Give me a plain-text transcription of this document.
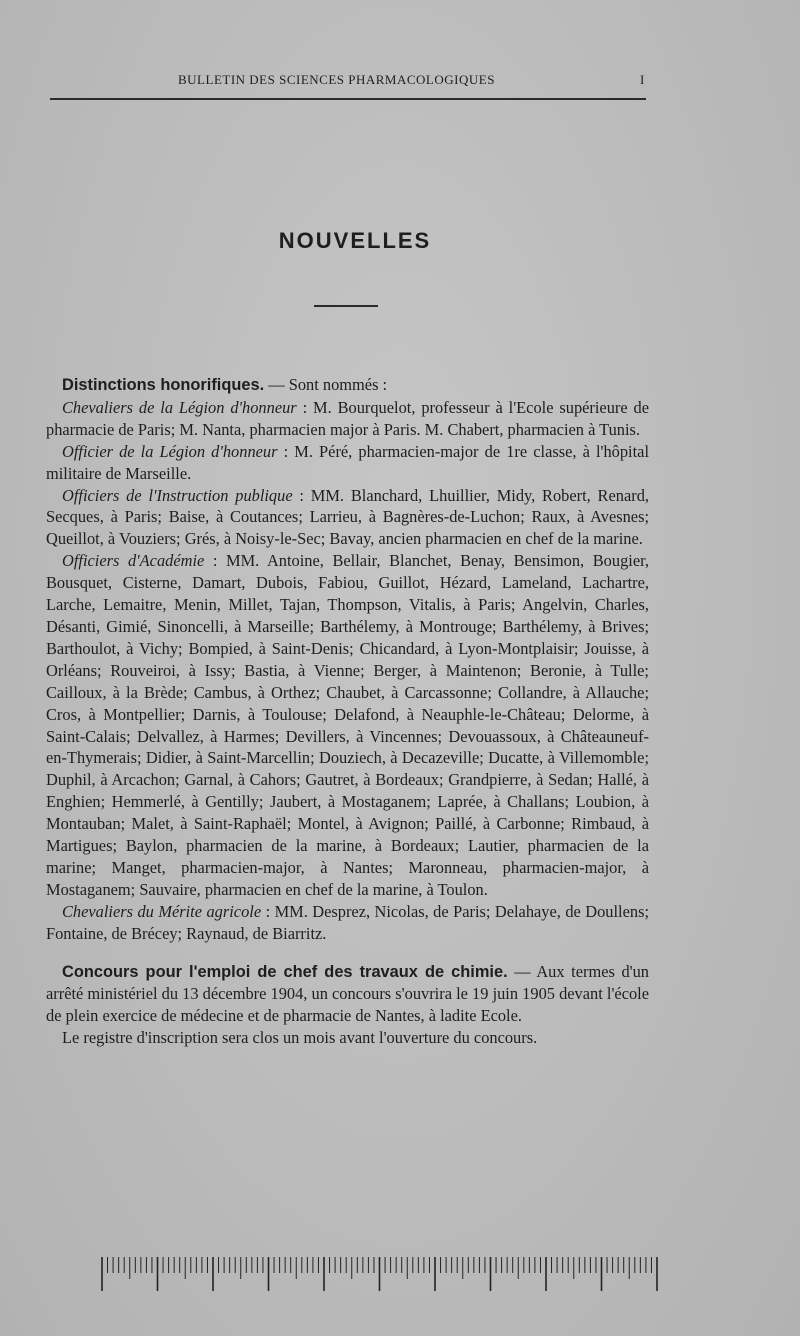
BULLETIN DES SCIENCES PHARMACOLOGIQUES	I
NOUVELLES

Distinctions honorifiques. — Sont nommés :

Chevaliers de la Légion d'honneur : M. Bourquelot, professeur à l'Ecole supérieure de pharmacie de Paris; M. Nanta, pharmacien major à Paris. M. Chabert, pharmacien à Tunis.

Officier de la Légion d'honneur : M. Péré, pharmacien-major de 1re classe, à l'hôpital militaire de Marseille.

Officiers de l'Instruction publique : MM. Blanchard, Lhuillier, Midy, Robert, Renard, Secques, à Paris; Baise, à Coutances; Larrieu, à Bagnères-de-Luchon; Raux, à Avesnes; Queillot, à Vouziers; Grés, à Noisy-le-Sec; Bavay, ancien pharmacien en chef de la marine.

Officiers d'Académie : MM. Antoine, Bellair, Blanchet, Benay, Bensimon, Bougier, Bousquet, Cisterne, Damart, Dubois, Fabiou, Guillot, Hézard, Lameland, Lachartre, Larche, Lemaitre, Menin, Millet, Tajan, Thompson, Vitalis, à Paris; Angelvin, Charles, Désanti, Gimié, Sinoncelli, à Marseille; Barthélemy, à Montrouge; Barthélemy, à Brives; Barthoulot, à Vichy; Bompied, à Saint-Denis; Chicandard, à Lyon-Montplaisir; Jouisse, à Orléans; Rouveiroi, à Issy; Bastia, à Vienne; Berger, à Maintenon; Beronie, à Tulle; Cailloux, à la Brède; Cambus, à Orthez; Chaubet, à Carcassonne; Collandre, à Allauche; Cros, à Montpellier; Darnis, à Toulouse; Delafond, à Neauphle-le-Château; Delorme, à Saint-Calais; Delvallez, à Harmes; Devillers, à Vincennes; Devouassoux, à Châteauneuf-en-Thymerais; Didier, à Saint-Marcellin; Douziech, à Decazeville; Ducatte, à Villemomble; Duphil, à Arcachon; Garnal, à Cahors; Gautret, à Bordeaux; Grandpierre, à Sedan; Hallé, à Enghien; Hemmerlé, à Gentilly; Jaubert, à Mostaganem; Laprée, à Challans; Loubion, à Montauban; Malet, à Saint-Raphaël; Montel, à Avignon; Paillé, à Carbonne; Rimbaud, à Martigues; Baylon, pharmacien de la marine, à Bordeaux; Lautier, pharmacien de la marine; Manget, pharmacien-major, à Nantes; Maronneau, pharmacien-major, à Mostaganem; Sauvaire, pharmacien en chef de la marine, à Toulon.

Chevaliers du Mérite agricole : MM. Desprez, Nicolas, de Paris; Delahaye, de Doullens; Fontaine, de Brécey; Raynaud, de Biarritz.

Concours pour l'emploi de chef des travaux de chimie. — Aux termes d'un arrêté ministériel du 13 décembre 1904, un concours s'ouvrira le 19 juin 1905 devant l'école de plein exercice de médecine et de pharmacie de Nantes, à ladite Ecole.

Le registre d'inscription sera clos un mois avant l'ouverture du concours.
